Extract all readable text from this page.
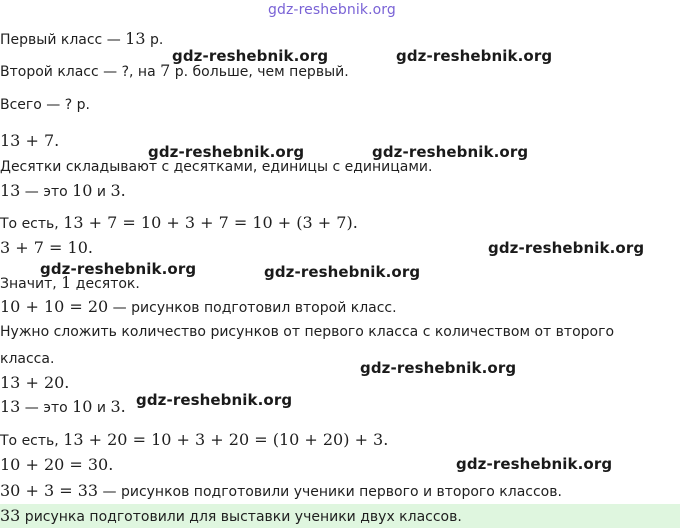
gdz-reshebnik.org
gdz-reshebnik.org	gdz-reshebnik.org
gdz-reshebnik.org	gdz-reshebnik.org
gdz-reshebnik.org
gdz-reshebnik.org	gdz-reshebnik.org
gdz-reshebnik.org
gdz-reshebnik.org
gdz-reshebnik.org
Первый класс — 13 р.
Второй класс — ?, на 7 р. больше, чем первый.
Всего — ? р.
13 + 7.
Десятки складывают с десятками, единицы с единицами.
13 — это 10 и 3.
То есть, 13 + 7 = 10 + 3 + 7 = 10 + (3 + 7).
3 + 7 = 10.
Значит, 1 десяток.
10 + 10 = 20 — рисунков подготовил второй класс.
Нужно сложить количество рисунков от первого класса с количеством от второго
класса.
13 + 20.
13 — это 10 и 3.
То есть, 13 + 20 = 10 + 3 + 20 = (10 + 20) + 3.
10 + 20 = 30.
30 + 3 = 33 — рисунков подготовили ученики первого и второго классов.
33 рисунка подготовили для выставки ученики двух классов.
